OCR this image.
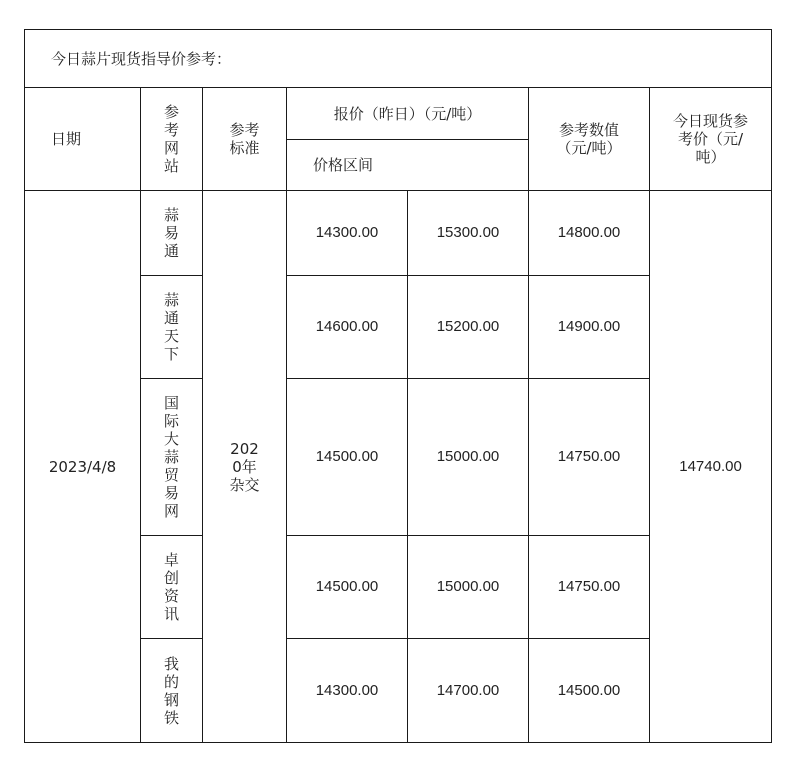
今日蒜片现货指导价参考：						
日期	参考网站	参考标准	报价（昨日）（元/吨）		参考数值（元/吨）	今日现货参考价（元/吨）
			价格区间			
2023/4/8	蒜易通	2020年杂交	14300.00	15300.00	14800.00	14740.00
	蒜通天下		14600.00	15200.00	14900.00	
	国际大蒜贸易网		14500.00	15000.00	14750.00	
	卓创资讯		14500.00	15000.00	14750.00	
	我的钢铁		14300.00	14700.00	14500.00	
